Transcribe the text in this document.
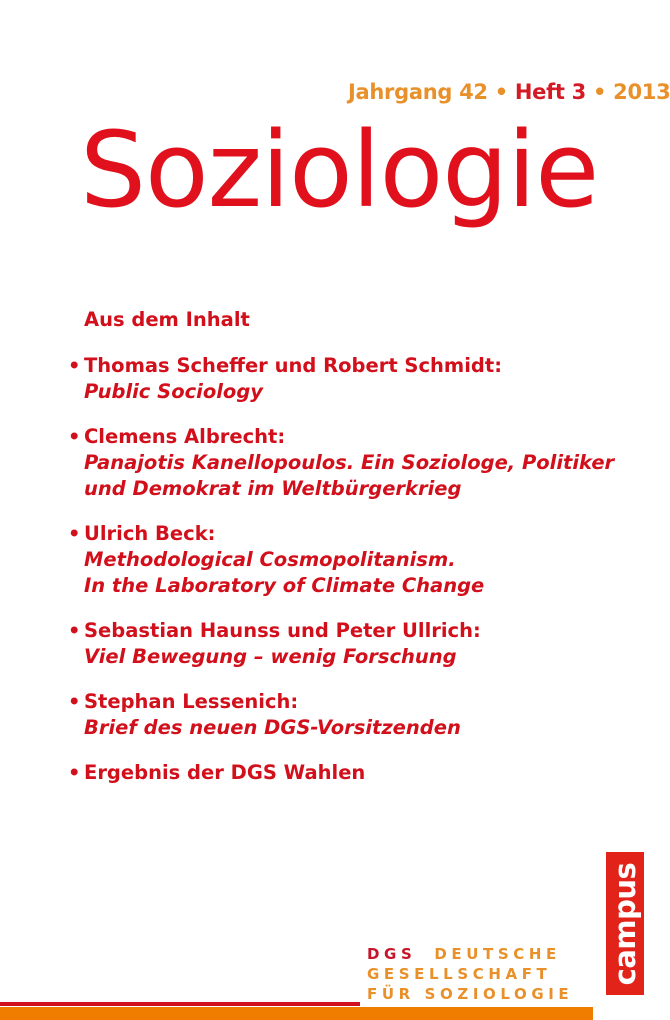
Jahrgang 42 • Heft 3 • 2013
Soziologie
Aus dem Inhalt
• Thomas Scheffer und Robert Schmidt:
Public Sociology
• Clemens Albrecht:
Panajotis Kanellopoulos. Ein Soziologe, Politiker
und Demokrat im Weltbürgerkrieg
• Ulrich Beck:
Methodological Cosmopolitanism.
In the Laboratory of Climate Change
• Sebastian Haunss und Peter Ullrich:
Viel Bewegung – wenig Forschung
• Stephan Lessenich:
Brief des neuen DGS-Vorsitzenden
• Ergebnis der DGS Wahlen
DGS DEUTSCHE
GESELLSCHAFT
FÜR SOZIOLOGIE
campus
